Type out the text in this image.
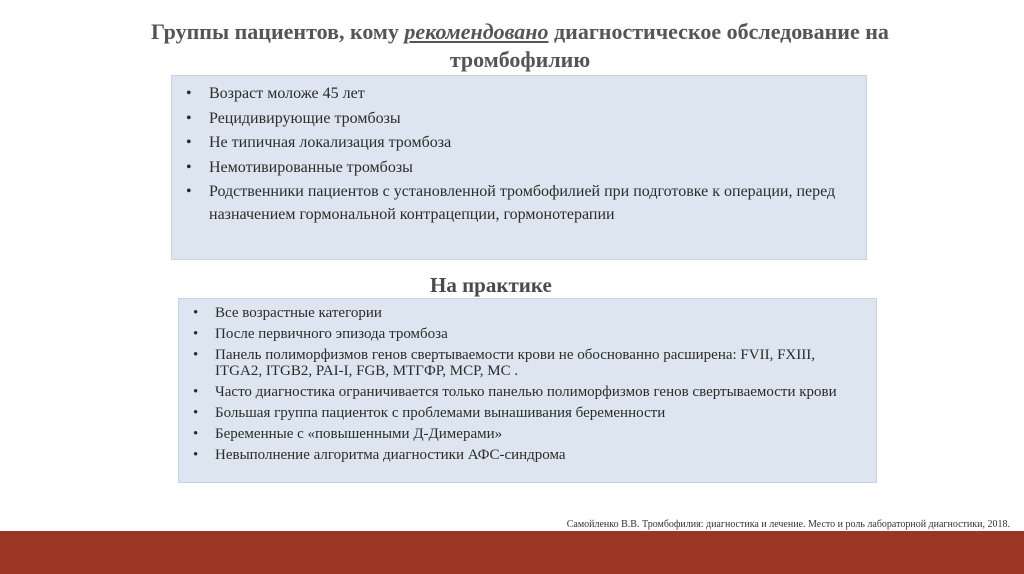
Группы пациентов, кому рекомендовано диагностическое обследование на тромбофилию
• Возраст моложе 45 лет
• Рецидивирующие тромбозы
• Не типичная локализация тромбоза
• Немотивированные тромбозы
• Родственники пациентов с установленной тромбофилией при подготовке к операции, перед назначением гормональной контрацепции, гормонотерапии
На практике
• Все возрастные категории
• После первичного эпизода тромбоза
• Панель полиморфизмов генов свертываемости крови не обоснованно расширена: FVII, FXIII, ITGA2, ITGB2, PAI-I, FGB, MTГФР, MCP, MC .
• Часто диагностика ограничивается только панелью полиморфизмов генов свертываемости крови
• Большая группа пациенток с проблемами вынашивания беременности
• Беременные с «повышенными Д-Димерами»
• Невыполнение алгоритма диагностики АФС-синдрома
Самойленко В.В. Тромбофилия: диагностика и лечение. Место и роль лабораторной диагностики, 2018.
